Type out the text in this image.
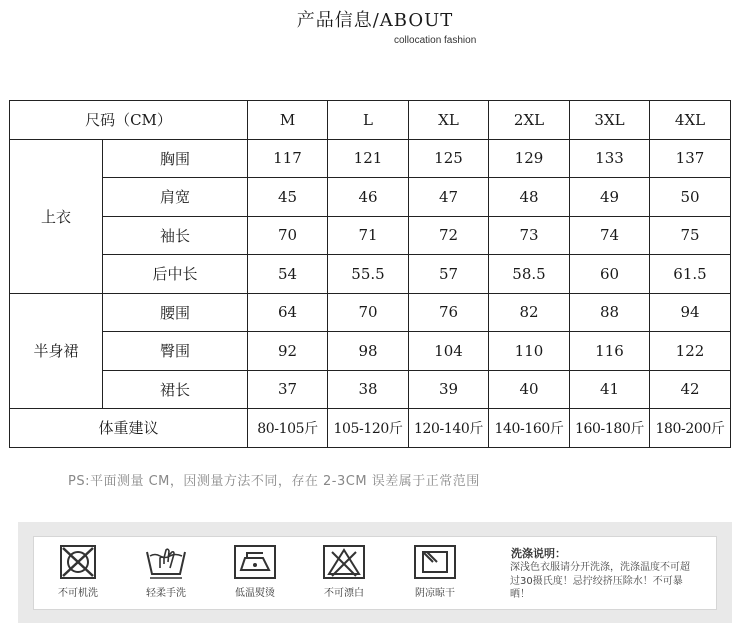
产品信息/ABOUT
collocation fashion
尺码（CM）		M	L	XL	2XL	3XL	4XL
上衣	胸围	117	121	125	129	133	137
	肩宽	45	46	47	48	49	50
	袖长	70	71	72	73	74	75
	后中长	54	55.5	57	58.5	60	61.5
半身裙	腰围	64	70	76	82	88	94
	臀围	92	98	104	110	116	122
	裙长	37	38	39	40	41	42
体重建议		80-105斤	105-120斤	120-140斤	140-160斤	160-180斤	180-200斤
PS:平面测量 CM，因测量方法不同，存在 2-3CM 误差属于正常范围
不可机洗	轻柔手洗	低温熨烫	不可漂白	阴凉晾干
洗涤说明：
深浅色衣服请分开洗涤，洗涤温度不可超过30摄氏度！忌拧绞挤压除水！不可暴晒！
